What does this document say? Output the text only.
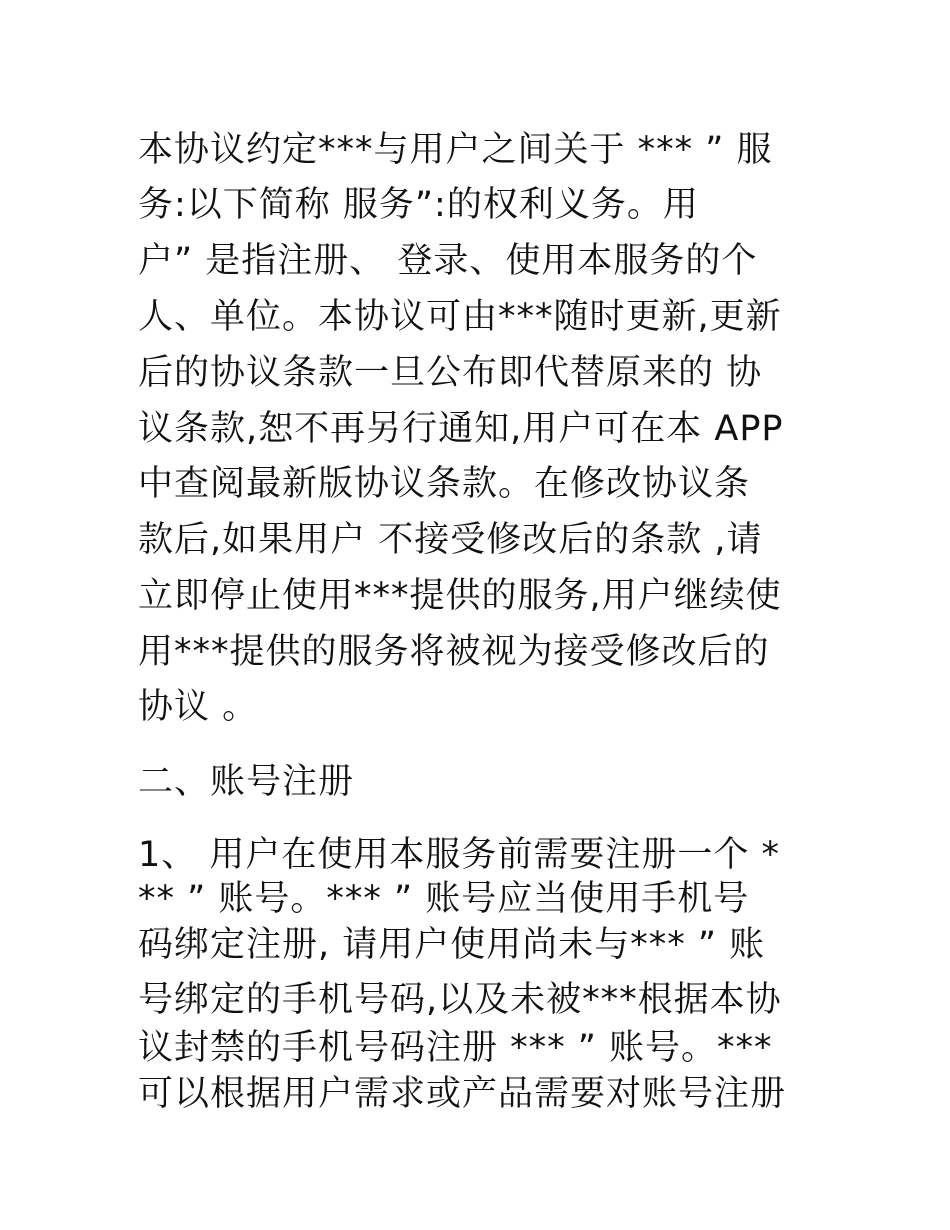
本协议约定***与用户之间关于 *** ” 服
务:以下简称 服务”:的权利义务。用
户” 是指注册、 登录、使用本服务的个
人、单位。本协议可由***随时更新,更新
后的协议条款一旦公布即代替原来的 协
议条款,恕不再另行通知,用户可在本 APP
中查阅最新版协议条款。在修改协议条
款后,如果用户 不接受修改后的条款 ,请
立即停止使用***提供的服务,用户继续使
用***提供的服务将被视为接受修改后的
协议 。
二、账号注册
1、 用户在使用本服务前需要注册一个 *
** ” 账号。*** ” 账号应当使用手机号
码绑定注册, 请用户使用尚未与*** ” 账
号绑定的手机号码,以及未被***根据本协
议封禁的手机号码注册 *** ” 账号。***
可以根据用户需求或产品需要对账号注册
